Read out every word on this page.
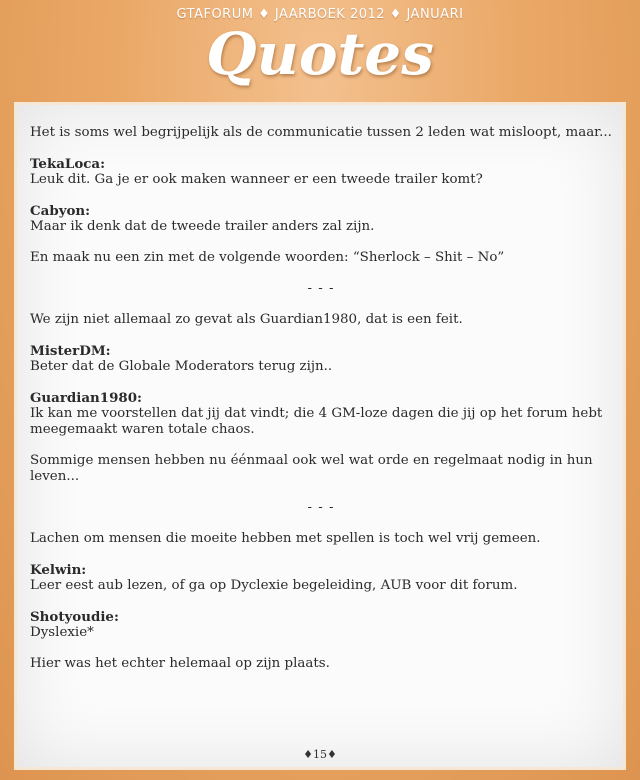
GTAFORUM ♦ JAARBOEK 2012 ♦ JANUARI
Quotes
Het is soms wel begrijpelijk als de communicatie tussen 2 leden wat misloopt, maar...
TekaLoca:
Leuk dit. Ga je er ook maken wanneer er een tweede trailer komt?
Cabyon:
Maar ik denk dat de tweede trailer anders zal zijn.
En maak nu een zin met de volgende woorden: “Sherlock – Shit – No”
- - -
We zijn niet allemaal zo gevat als Guardian1980, dat is een feit.
MisterDM:
Beter dat de Globale Moderators terug zijn..
Guardian1980:
Ik kan me voorstellen dat jij dat vindt; die 4 GM-loze dagen die jij op het forum hebt meegemaakt waren totale chaos.
Sommige mensen hebben nu éénmaal ook wel wat orde en regelmaat nodig in hun leven...
- - -
Lachen om mensen die moeite hebben met spellen is toch wel vrij gemeen.
Kelwin:
Leer eest aub lezen, of ga op Dyclexie begeleiding, AUB voor dit forum.
Shotyoudie:
Dyslexie*
Hier was het echter helemaal op zijn plaats.
♦15♦
